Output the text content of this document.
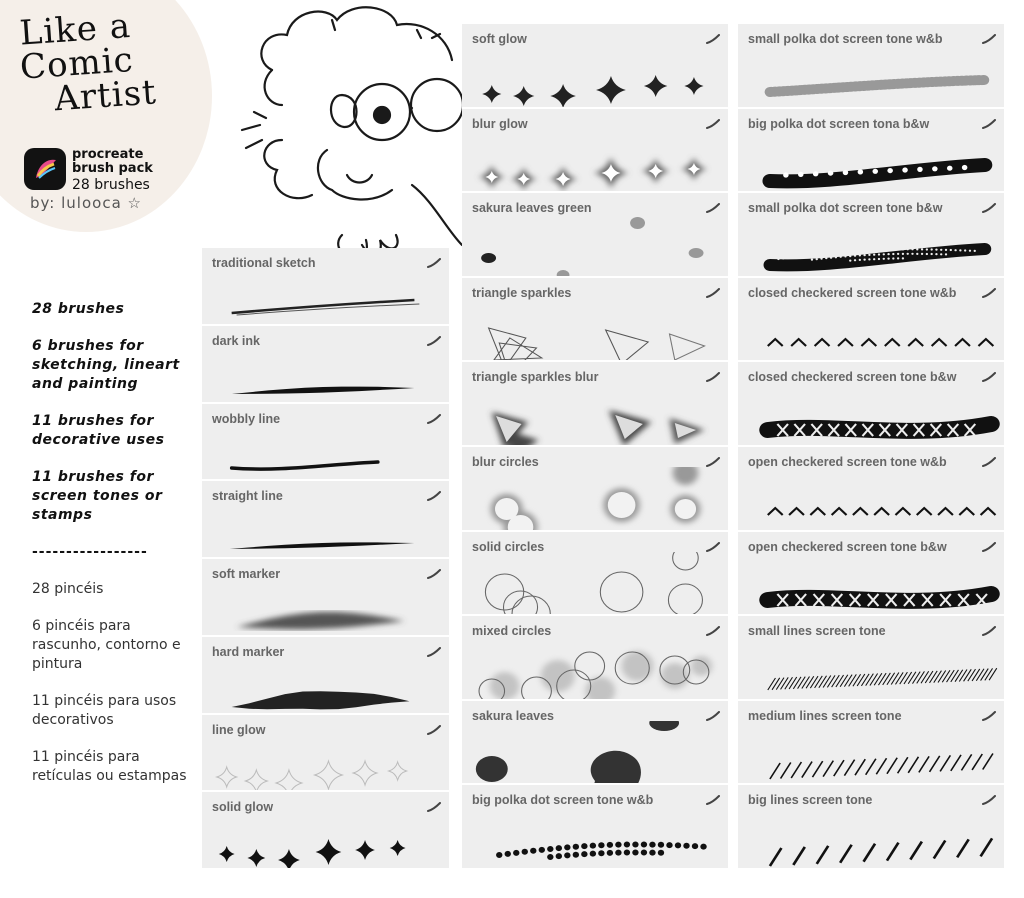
Like a
Comic
Artist
procreate
brush pack
28 brushes
by: lulooca ☆

28 brushes

6 brushes for sketching, lineart and painting

11 brushes for decorative uses

11 brushes for screen tones or stamps

-----------------

28 pincéis

6 pincéis para rascunho, contorno e pintura

11 pincéis para usos decorativos

11 pincéis para retículas ou estampas

traditional sketch
dark ink
wobbly line
straight line
soft marker
hard marker
line glow
solid glow
soft glow
blur glow
sakura leaves green
triangle sparkles
triangle sparkles blur
blur circles
solid circles
mixed circles
sakura leaves
big polka dot screen tone w&b
small polka dot screen tone w&b
big polka dot screen tona b&w
small polka dot screen tone b&w
closed checkered screen tone w&b
closed checkered screen tone b&w
open checkered screen tone w&b
open checkered screen tone b&w
small lines screen tone
medium lines screen tone
big lines screen tone
